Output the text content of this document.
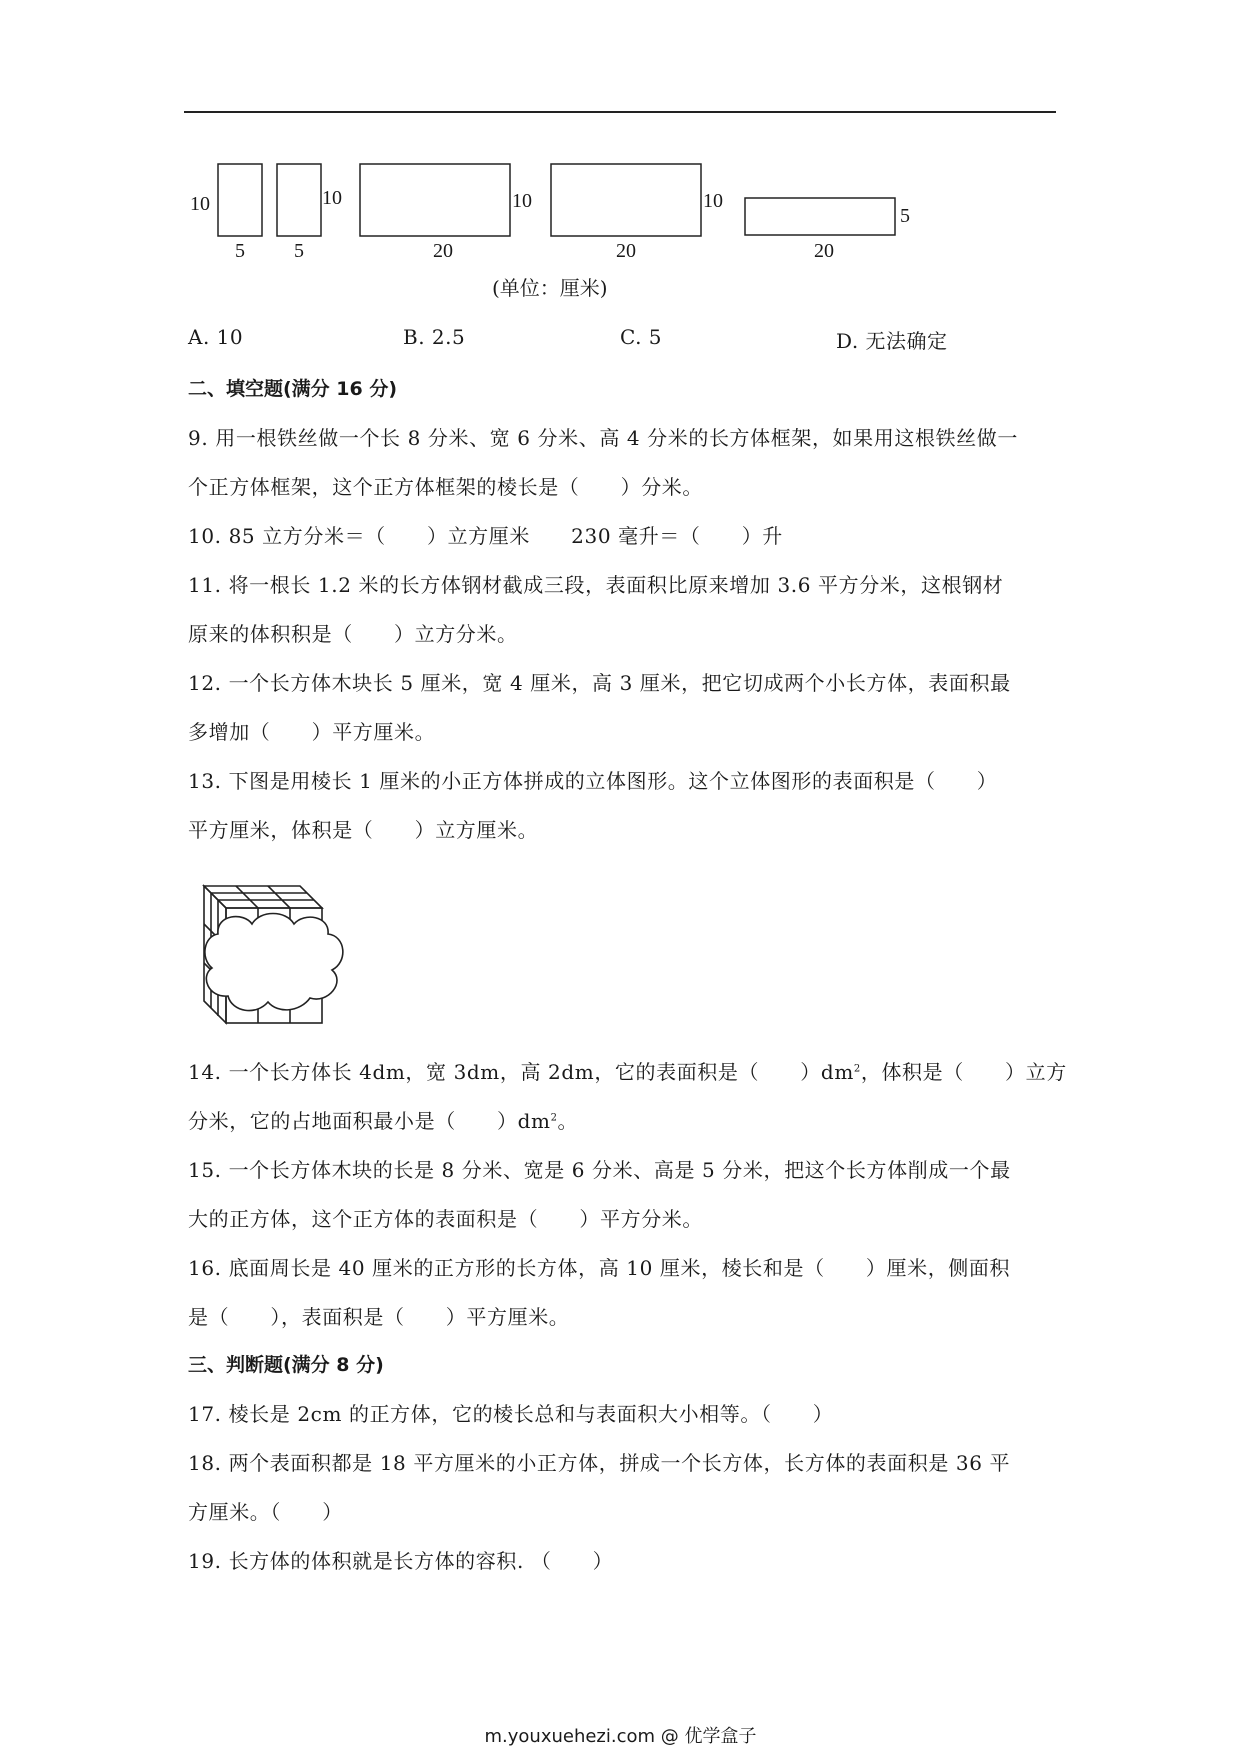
10
5
10
5
10
20
10
20
5
20
(单位：厘米)
A. 10	B. 2.5	C. 5	D. 无法确定
二、填空题(满分 16 分)
9. 用一根铁丝做一个长 8 分米、宽 6 分米、高 4 分米的长方体框架，如果用这根铁丝做一
个正方体框架，这个正方体框架的棱长是（　　）分米。
10. 85 立方分米＝（　　）立方厘米　　230 毫升＝（　　）升
11. 将一根长 1.2 米的长方体钢材截成三段，表面积比原来增加 3.6 平方分米，这根钢材
原来的体积积是（　　）立方分米。
12. 一个长方体木块长 5 厘米，宽 4 厘米，高 3 厘米，把它切成两个小长方体，表面积最
多增加（　　）平方厘米。
13. 下图是用棱长 1 厘米的小正方体拼成的立体图形。这个立体图形的表面积是（　　）
平方厘米，体积是（　　）立方厘米。
14. 一个长方体长 4dm，宽 3dm，高 2dm，它的表面积是（　　）$dm^2$，体积是（　　）立方
分米，它的占地面积最小是（　　）$dm^2$。
15. 一个长方体木块的长是 8 分米、宽是 6 分米、高是 5 分米，把这个长方体削成一个最
大的正方体，这个正方体的表面积是（　　）平方分米。
16. 底面周长是 40 厘米的正方形的长方体，高 10 厘米，棱长和是（　　）厘米，侧面积
是（　　），表面积是（　　）平方厘米。
三、判断题(满分 8 分)
17. 棱长是 2cm 的正方体，它的棱长总和与表面积大小相等。（　　）
18. 两个表面积都是 18 平方厘米的小正方体，拼成一个长方体，长方体的表面积是 36 平
方厘米。（　　）
19. 长方体的体积就是长方体的容积. （　　）
m.youxuehezi.com @ 优学盒子
